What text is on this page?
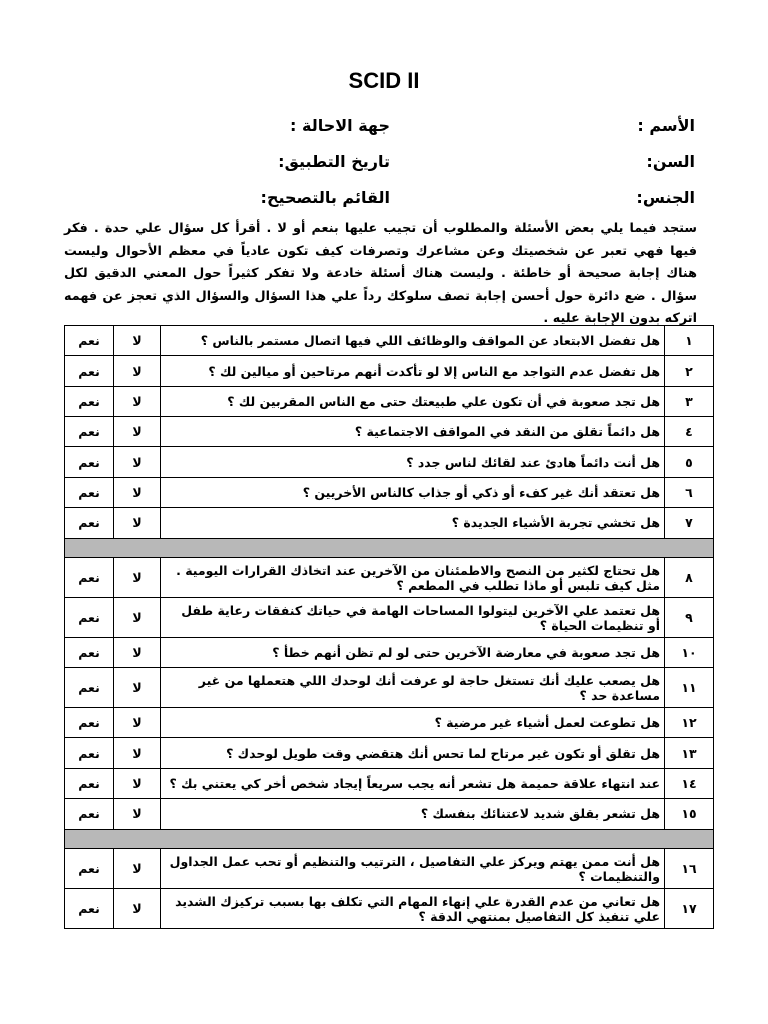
SCID II
الأسم :
جهة الاحالة :
السن:
تاريخ التطبيق:
الجنس:
القائم بالتصحيح:
ستجد فيما يلي بعض الأسئلة والمطلوب أن تجيب عليها بنعم أو لا . أقرأ كل سؤال علي حدة . فكر فيها فهي تعبر عن شخصيتك وعن مشاعرك وتصرفات كيف تكون عادياً في معظم الأحوال وليست هناك إجابة صحيحة أو خاطئة . وليست هناك أسئلة خادعة ولا تفكر كثيراً حول المعني الدقيق لكل سؤال . ضع دائرة حول أحسن إجابة تصف سلوكك رداً علي هذا السؤال والسؤال الذي تعجز عن فهمه اتركه بدون الإجابة عليه .
١	هل تفضل الابتعاد عن المواقف والوظائف اللي فيها اتصال مستمر بالناس ؟	لا	نعم
٢	هل تفضل عدم التواجد مع الناس إلا لو تأكدت أنهم مرتاحين أو ميالين لك ؟	لا	نعم
٣	هل تجد صعوبة في أن تكون علي طبيعتك حتى مع الناس المقربين لك ؟	لا	نعم
٤	هل دائماً تقلق من النقد في المواقف الاجتماعية ؟	لا	نعم
٥	هل أنت دائماً هادئ عند لقائك لناس جدد ؟	لا	نعم
٦	هل تعتقد أنك غير كفء أو ذكي أو جذاب كالناس الأخريين ؟	لا	نعم
٧	هل تخشي تجربة الأشياء الجديدة ؟	لا	نعم

٨	هل تحتاج لكثير من النصح والاطمئنان من الآخرين عند اتخاذك القرارات اليومية . مثل كيف تلبس أو ماذا تطلب في المطعم ؟	لا	نعم
٩	هل تعتمد علي الآخرين ليتولوا المساحات الهامة في حياتك كنفقات رعاية طفل أو تنظيمات الحياة ؟	لا	نعم
١٠	هل تجد صعوبة في معارضة الآخرين حتى لو لم تظن أنهم خطأ ؟	لا	نعم
١١	هل يصعب عليك أنك تستغل حاجة لو عرفت أنك لوحدك اللي هتعملها من غير مساعدة حد ؟	لا	نعم
١٢	هل تطوعت لعمل أشياء غير مرضية ؟	لا	نعم
١٣	هل تقلق أو تكون غير مرتاح لما تحس أنك هتقضي وقت طويل لوحدك ؟	لا	نعم
١٤	عند انتهاء علاقة حميمة هل تشعر أنه يجب سريعاً إيجاد شخص أخر كي يعتني بك ؟	لا	نعم
١٥	هل تشعر بقلق شديد لاعتنائك بنفسك ؟	لا	نعم

١٦	هل أنت ممن يهتم ويركز علي التفاصيل ، الترتيب والتنظيم أو تحب عمل الجداول والتنظيمات ؟	لا	نعم
١٧	هل تعاني من عدم القدرة علي إنهاء المهام التي تكلف بها بسبب تركيزك الشديد علي تنفيذ كل التفاصيل بمنتهي الدقة ؟	لا	نعم
